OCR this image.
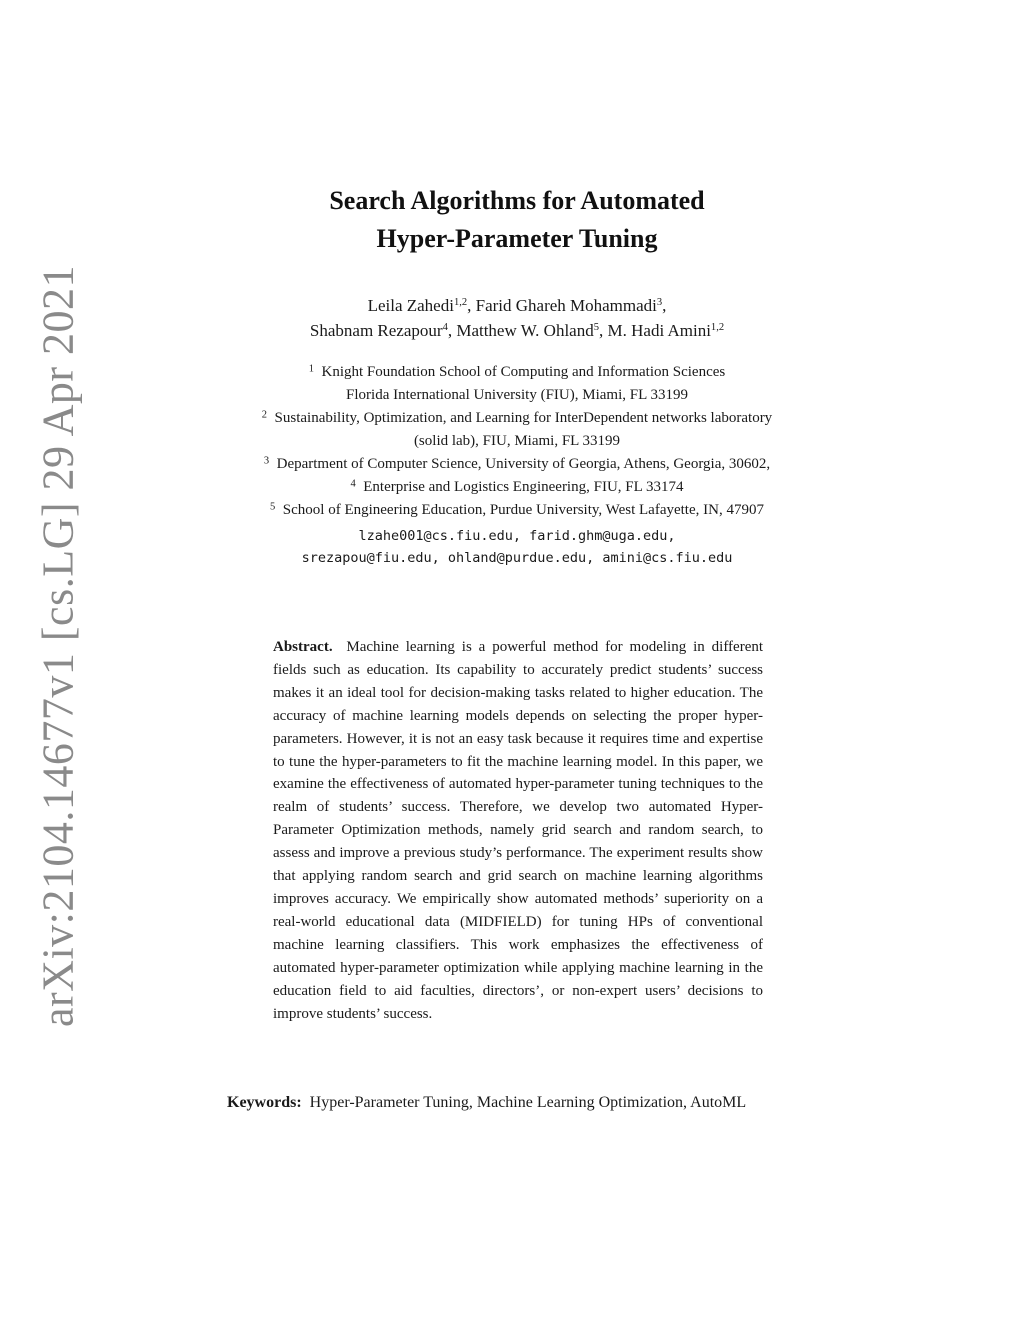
arXiv:2104.14677v1 [cs.LG] 29 Apr 2021
Search Algorithms for Automated
Hyper-Parameter Tuning
Leila Zahedi$^{1,2}$, Farid Ghareh Mohammadi$^3$,
Shabnam Rezapour$^4$, Matthew W. Ohland$^5$, M. Hadi Amini$^{1,2}$
$^1$ Knight Foundation School of Computing and Information Sciences
Florida International University (FIU), Miami, FL 33199
$^2$ Sustainability, Optimization, and Learning for InterDependent networks laboratory
(solid lab), FIU, Miami, FL 33199
$^3$ Department of Computer Science, University of Georgia, Athens, Georgia, 30602,
$^4$ Enterprise and Logistics Engineering, FIU, FL 33174
$^5$ School of Engineering Education, Purdue University, West Lafayette, IN, 47907
lzahe001@cs.fiu.edu, farid.ghm@uga.edu,
srezapou@fiu.edu, ohland@purdue.edu, amini@cs.fiu.edu
Abstract. Machine learning is a powerful method for modeling in different fields such as education. Its capability to accurately predict students’ success makes it an ideal tool for decision-making tasks related to higher education. The accuracy of machine learning models depends on selecting the proper hyper-parameters. However, it is not an easy task because it requires time and expertise to tune the hyper-parameters to fit the machine learning model. In this paper, we examine the effectiveness of automated hyper-parameter tuning techniques to the realm of students’ success. Therefore, we develop two automated Hyper-Parameter Optimization methods, namely grid search and random search, to assess and improve a previous study’s performance. The experiment results show that applying random search and grid search on machine learning algorithms improves accuracy. We empirically show automated methods’ superiority on a real-world educational data (MIDFIELD) for tuning HPs of conventional machine learning classifiers. This work emphasizes the effectiveness of automated hyper-parameter optimization while applying machine learning in the education field to aid faculties, directors’, or non-expert users’ decisions to improve students’ success.
Keywords: Hyper-Parameter Tuning, Machine Learning Optimization, AutoML
